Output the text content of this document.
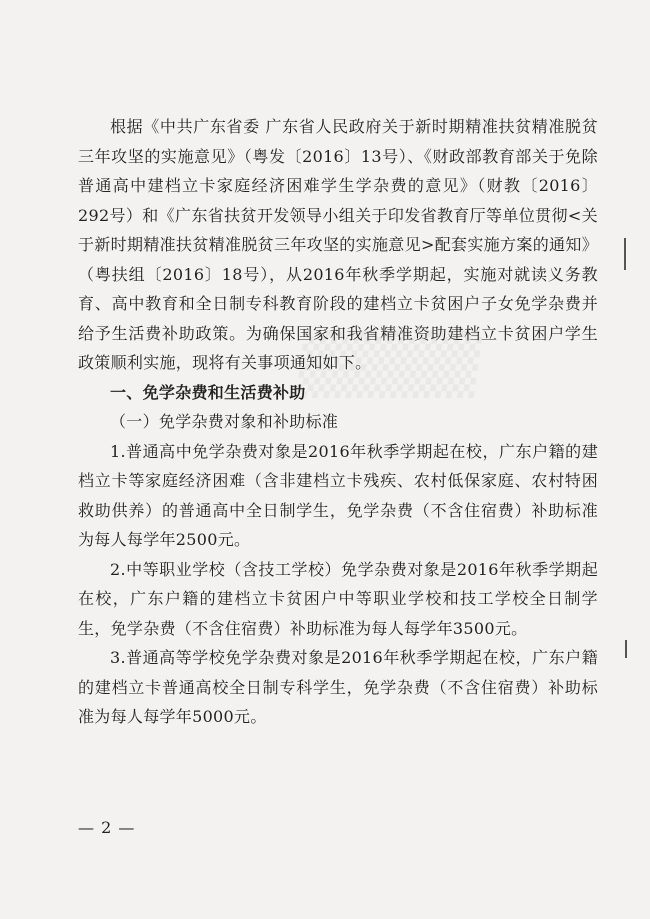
▒▒▒▒

根据《中共广东省委 广东省人民政府关于新时期精准扶贫精准脱贫三年攻坚的实施意见》（粤发〔2016〕13号）、《财政部教育部关于免除普通高中建档立卡家庭经济困难学生学杂费的意见》（财教〔2016〕292号）和《广东省扶贫开发领导小组关于印发省教育厅等单位贯彻<关于新时期精准扶贫精准脱贫三年攻坚的实施意见>配套实施方案的通知》（粤扶组〔2016〕18号），从2016年秋季学期起，实施对就读义务教育、高中教育和全日制专科教育阶段的建档立卡贫困户子女免学杂费并给予生活费补助政策。为确保国家和我省精准资助建档立卡贫困户学生政策顺利实施，现将有关事项通知如下。

一、免学杂费和生活费补助

（一）免学杂费对象和补助标准

1.普通高中免学杂费对象是2016年秋季学期起在校，广东户籍的建档立卡等家庭经济困难（含非建档立卡残疾、农村低保家庭、农村特困救助供养）的普通高中全日制学生，免学杂费（不含住宿费）补助标准为每人每学年2500元。

2.中等职业学校（含技工学校）免学杂费对象是2016年秋季学期起在校，广东户籍的建档立卡贫困户中等职业学校和技工学校全日制学生，免学杂费（不含住宿费）补助标准为每人每学年3500元。

3.普通高等学校免学杂费对象是2016年秋季学期起在校，广东户籍的建档立卡普通高校全日制专科学生，免学杂费（不含住宿费）补助标准为每人每学年5000元。

— 2 —
